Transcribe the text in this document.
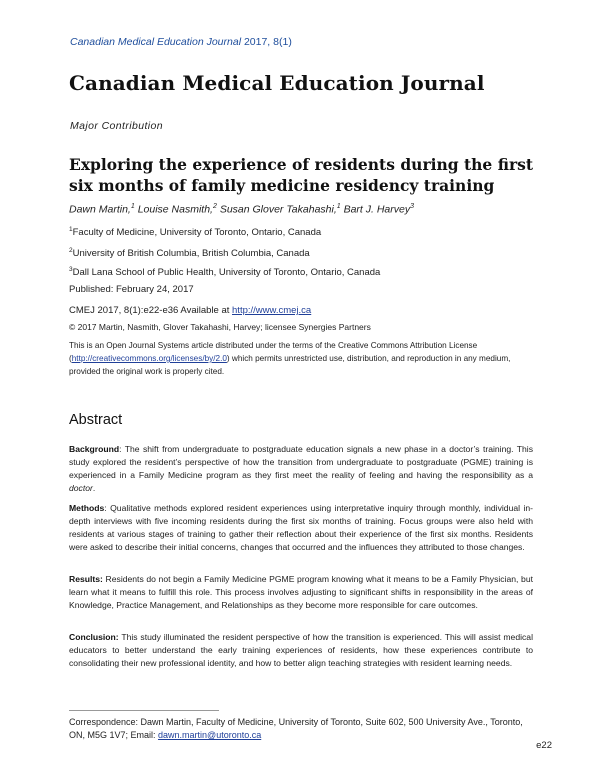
Canadian Medical Education Journal 2017, 8(1)
Canadian Medical Education Journal
Major Contribution
Exploring the experience of residents during the first six months of family medicine residency training
Dawn Martin,$^1$ Louise Nasmith,$^2$ Susan Glover Takahashi,$^1$ Bart J. Harvey$^3$
$^1$Faculty of Medicine, University of Toronto, Ontario, Canada
$^2$University of British Columbia, British Columbia, Canada
$^3$Dall Lana School of Public Health, University of Toronto, Ontario, Canada
Published: February 24, 2017
CMEJ 2017, 8(1):e22-e36 Available at http://www.cmej.ca
© 2017 Martin, Nasmith, Glover Takahashi, Harvey; licensee Synergies Partners
This is an Open Journal Systems article distributed under the terms of the Creative Commons Attribution License (http://creativecommons.org/licenses/by/2.0) which permits unrestricted use, distribution, and reproduction in any medium, provided the original work is properly cited.
Abstract

Background: The shift from undergraduate to postgraduate education signals a new phase in a doctor’s training. This study explored the resident’s perspective of how the transition from undergraduate to postgraduate (PGME) training is experienced in a Family Medicine program as they first meet the reality of feeling and having the responsibility as a doctor.

Methods: Qualitative methods explored resident experiences using interpretative inquiry through monthly, individual in-depth interviews with five incoming residents during the first six months of training. Focus groups were also held with residents at various stages of training to gather their reflection about their experience of the first six months. Residents were asked to describe their initial concerns, changes that occurred and the influences they attributed to those changes.

Results: Residents do not begin a Family Medicine PGME program knowing what it means to be a Family Physician, but learn what it means to fulfill this role. This process involves adjusting to significant shifts in responsibility in the areas of Knowledge, Practice Management, and Relationships as they become more responsible for care outcomes.

Conclusion: This study illuminated the resident perspective of how the transition is experienced. This will assist medical educators to better understand the early training experiences of residents, how these experiences contribute to consolidating their new professional identity, and how to better align teaching strategies with resident learning needs.

Correspondence: Dawn Martin, Faculty of Medicine, University of Toronto, Suite 602, 500 University Ave., Toronto, ON, M5G 1V7; Email: dawn.martin@utoronto.ca
e22
